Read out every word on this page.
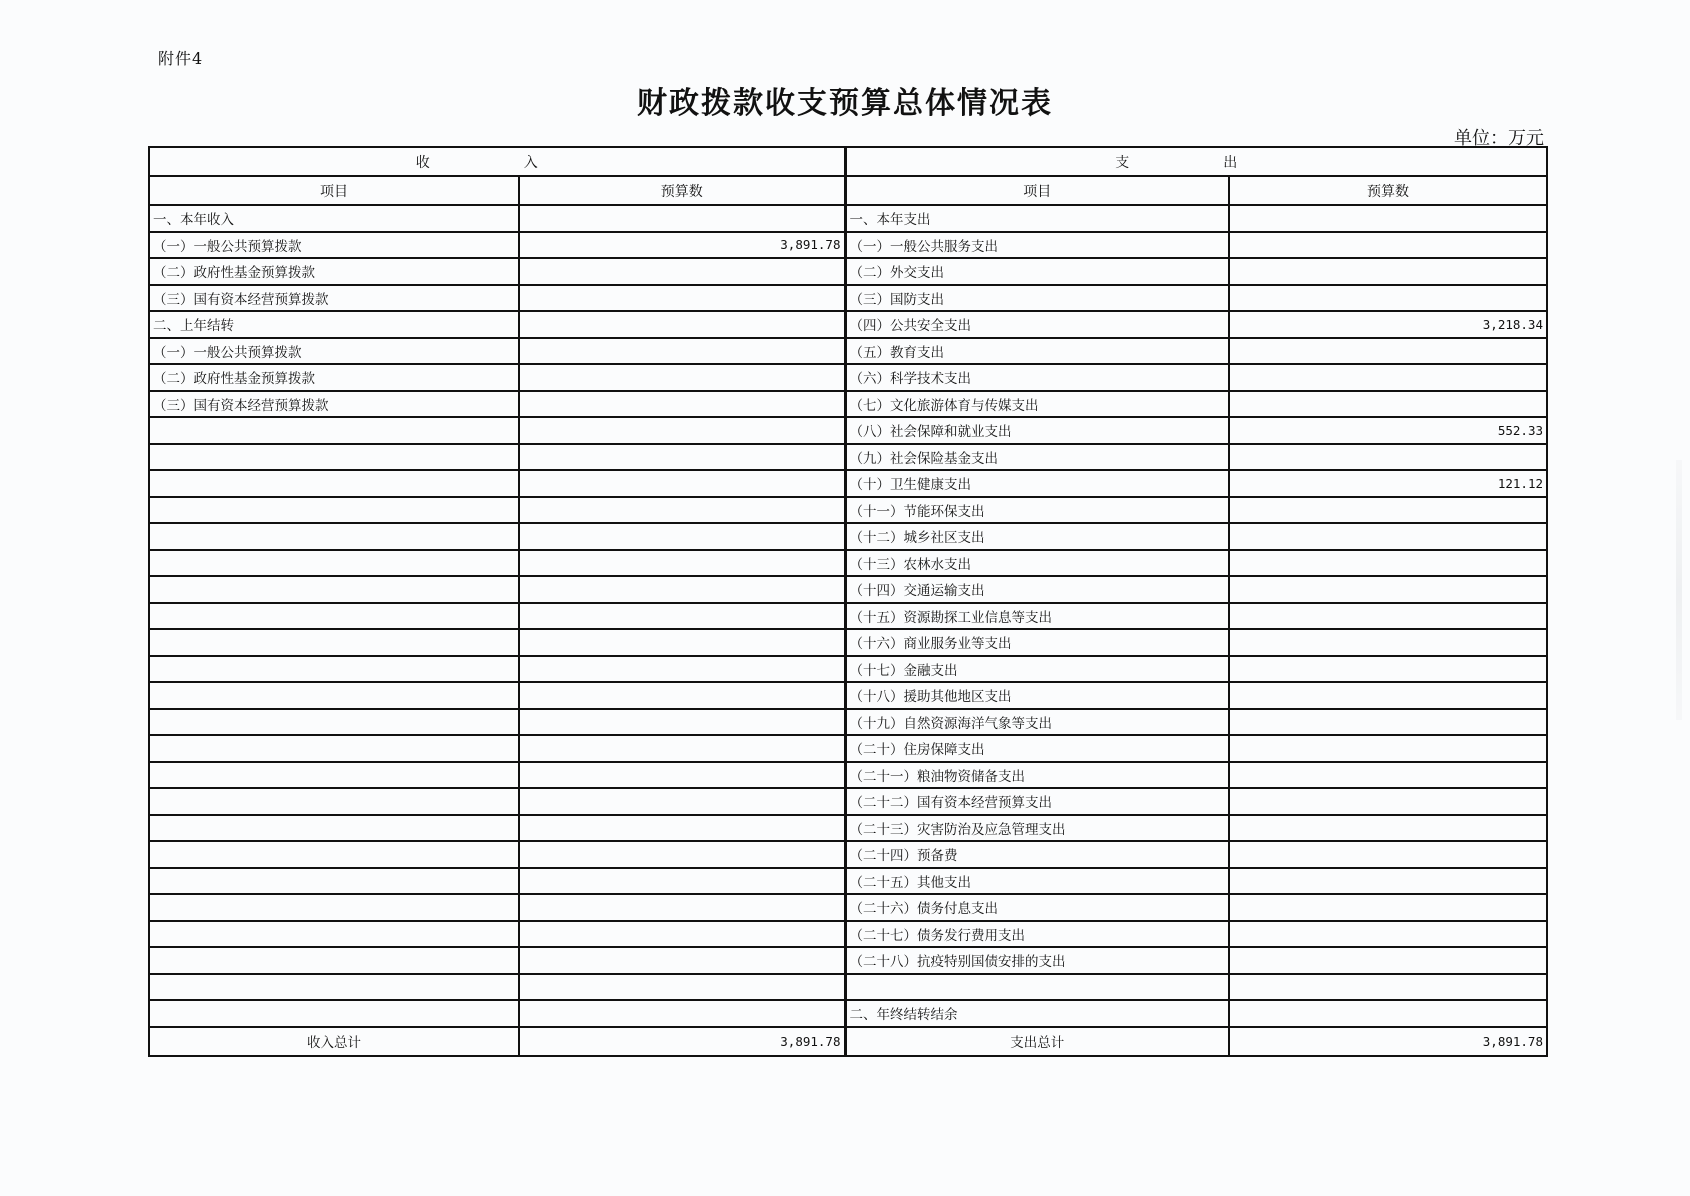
附件4
财政拨款收支预算总体情况表
单位：万元
收　入		支　出	
项目	预算数	项目	预算数
一、本年收入		一、本年支出	
（一）一般公共预算拨款	3,891.78	（一）一般公共服务支出	
（二）政府性基金预算拨款		（二）外交支出	
（三）国有资本经营预算拨款		（三）国防支出	
二、上年结转		（四）公共安全支出	3,218.34
（一）一般公共预算拨款		（五）教育支出	
（二）政府性基金预算拨款		（六）科学技术支出	
（三）国有资本经营预算拨款		（七）文化旅游体育与传媒支出	
		（八）社会保障和就业支出	552.33
		（九）社会保险基金支出	
		（十）卫生健康支出	121.12
		（十一）节能环保支出	
		（十二）城乡社区支出	
		（十三）农林水支出	
		（十四）交通运输支出	
		（十五）资源勘探工业信息等支出	
		（十六）商业服务业等支出	
		（十七）金融支出	
		（十八）援助其他地区支出	
		（十九）自然资源海洋气象等支出	
		（二十）住房保障支出	
		（二十一）粮油物资储备支出	
		（二十二）国有资本经营预算支出	
		（二十三）灾害防治及应急管理支出	
		（二十四）预备费	
		（二十五）其他支出	
		（二十六）债务付息支出	
		（二十七）债务发行费用支出	
		（二十八）抗疫特别国债安排的支出	

		二、年终结转结余	
收入总计	3,891.78	支出总计	3,891.78
